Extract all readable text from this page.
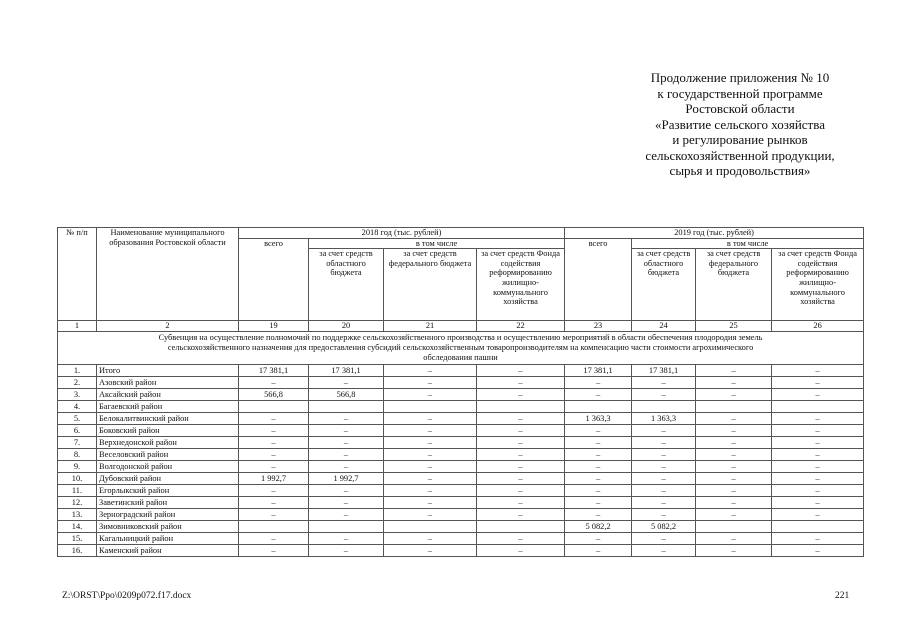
Продолжение приложения № 10
к государственной программе
Ростовской области
«Развитие сельского хозяйства
и регулирование рынков
сельскохозяйственной продукции,
сырья и продовольствия»
№ п/п	Наименование муниципального образования Ростовской области	2018 год (тыс. рублей)				2019 год (тыс. рублей)			
		всего	в том числе			всего	в том числе		
			за счет средств областного бюджета	за счет средств федерального бюджета	за счет средств Фонда содействия реформированию жилищно-коммунального хозяйства		за счет средств областного бюджета	за счет средств федерального бюджета	за счет средств Фонда содействия реформированию жилищно-коммунального хозяйства
1	2	19	20	21	22	23	24	25	26
Субвенция на осуществление полномочий по поддержке сельскохозяйственного производства и осуществлению мероприятий в области обеспечения плодородия земель сельскохозяйственного назначения для предоставления субсидий сельскохозяйственным товаропроизводителям на компенсацию части стоимости агрохимического обследования пашни									
1.	Итого	17 381,1	17 381,1	–	–	17 381,1	17 381,1	–	–
2.	Азовский район	–	–	–	–	–	–	–	–
3.	Аксайский район	566,8	566,8	–	–	–	–	–	–
4.	Багаевский район								
5.	Белокалитвинский район	–	–	–	–	1 363,3	1 363,3	–	–
6.	Боковский район	–	–	–	–	–	–	–	–
7.	Верхнедонской район	–	–	–	–	–	–	–	–
8.	Веселовский район	–	–	–	–	–	–	–	–
9.	Волгодонской район	–	–	–	–	–	–	–	–
10.	Дубовский район	1 992,7	1 992,7	–	–	–	–	–	–
11.	Егорлыкский район	–	–	–	–	–	–	–	–
12.	Заветинский район	–	–	–	–	–	–	–	–
13.	Зерноградский район	–	–	–	–	–	–	–	–
14.	Зимовниковский район					5 082,2	5 082,2		
15.	Кагальницкий район	–	–	–	–	–	–	–	–
16.	Каменский район	–	–	–	–	–	–	–	–
Z:\ORST\Ppo\0209p072.f17.docx	221
